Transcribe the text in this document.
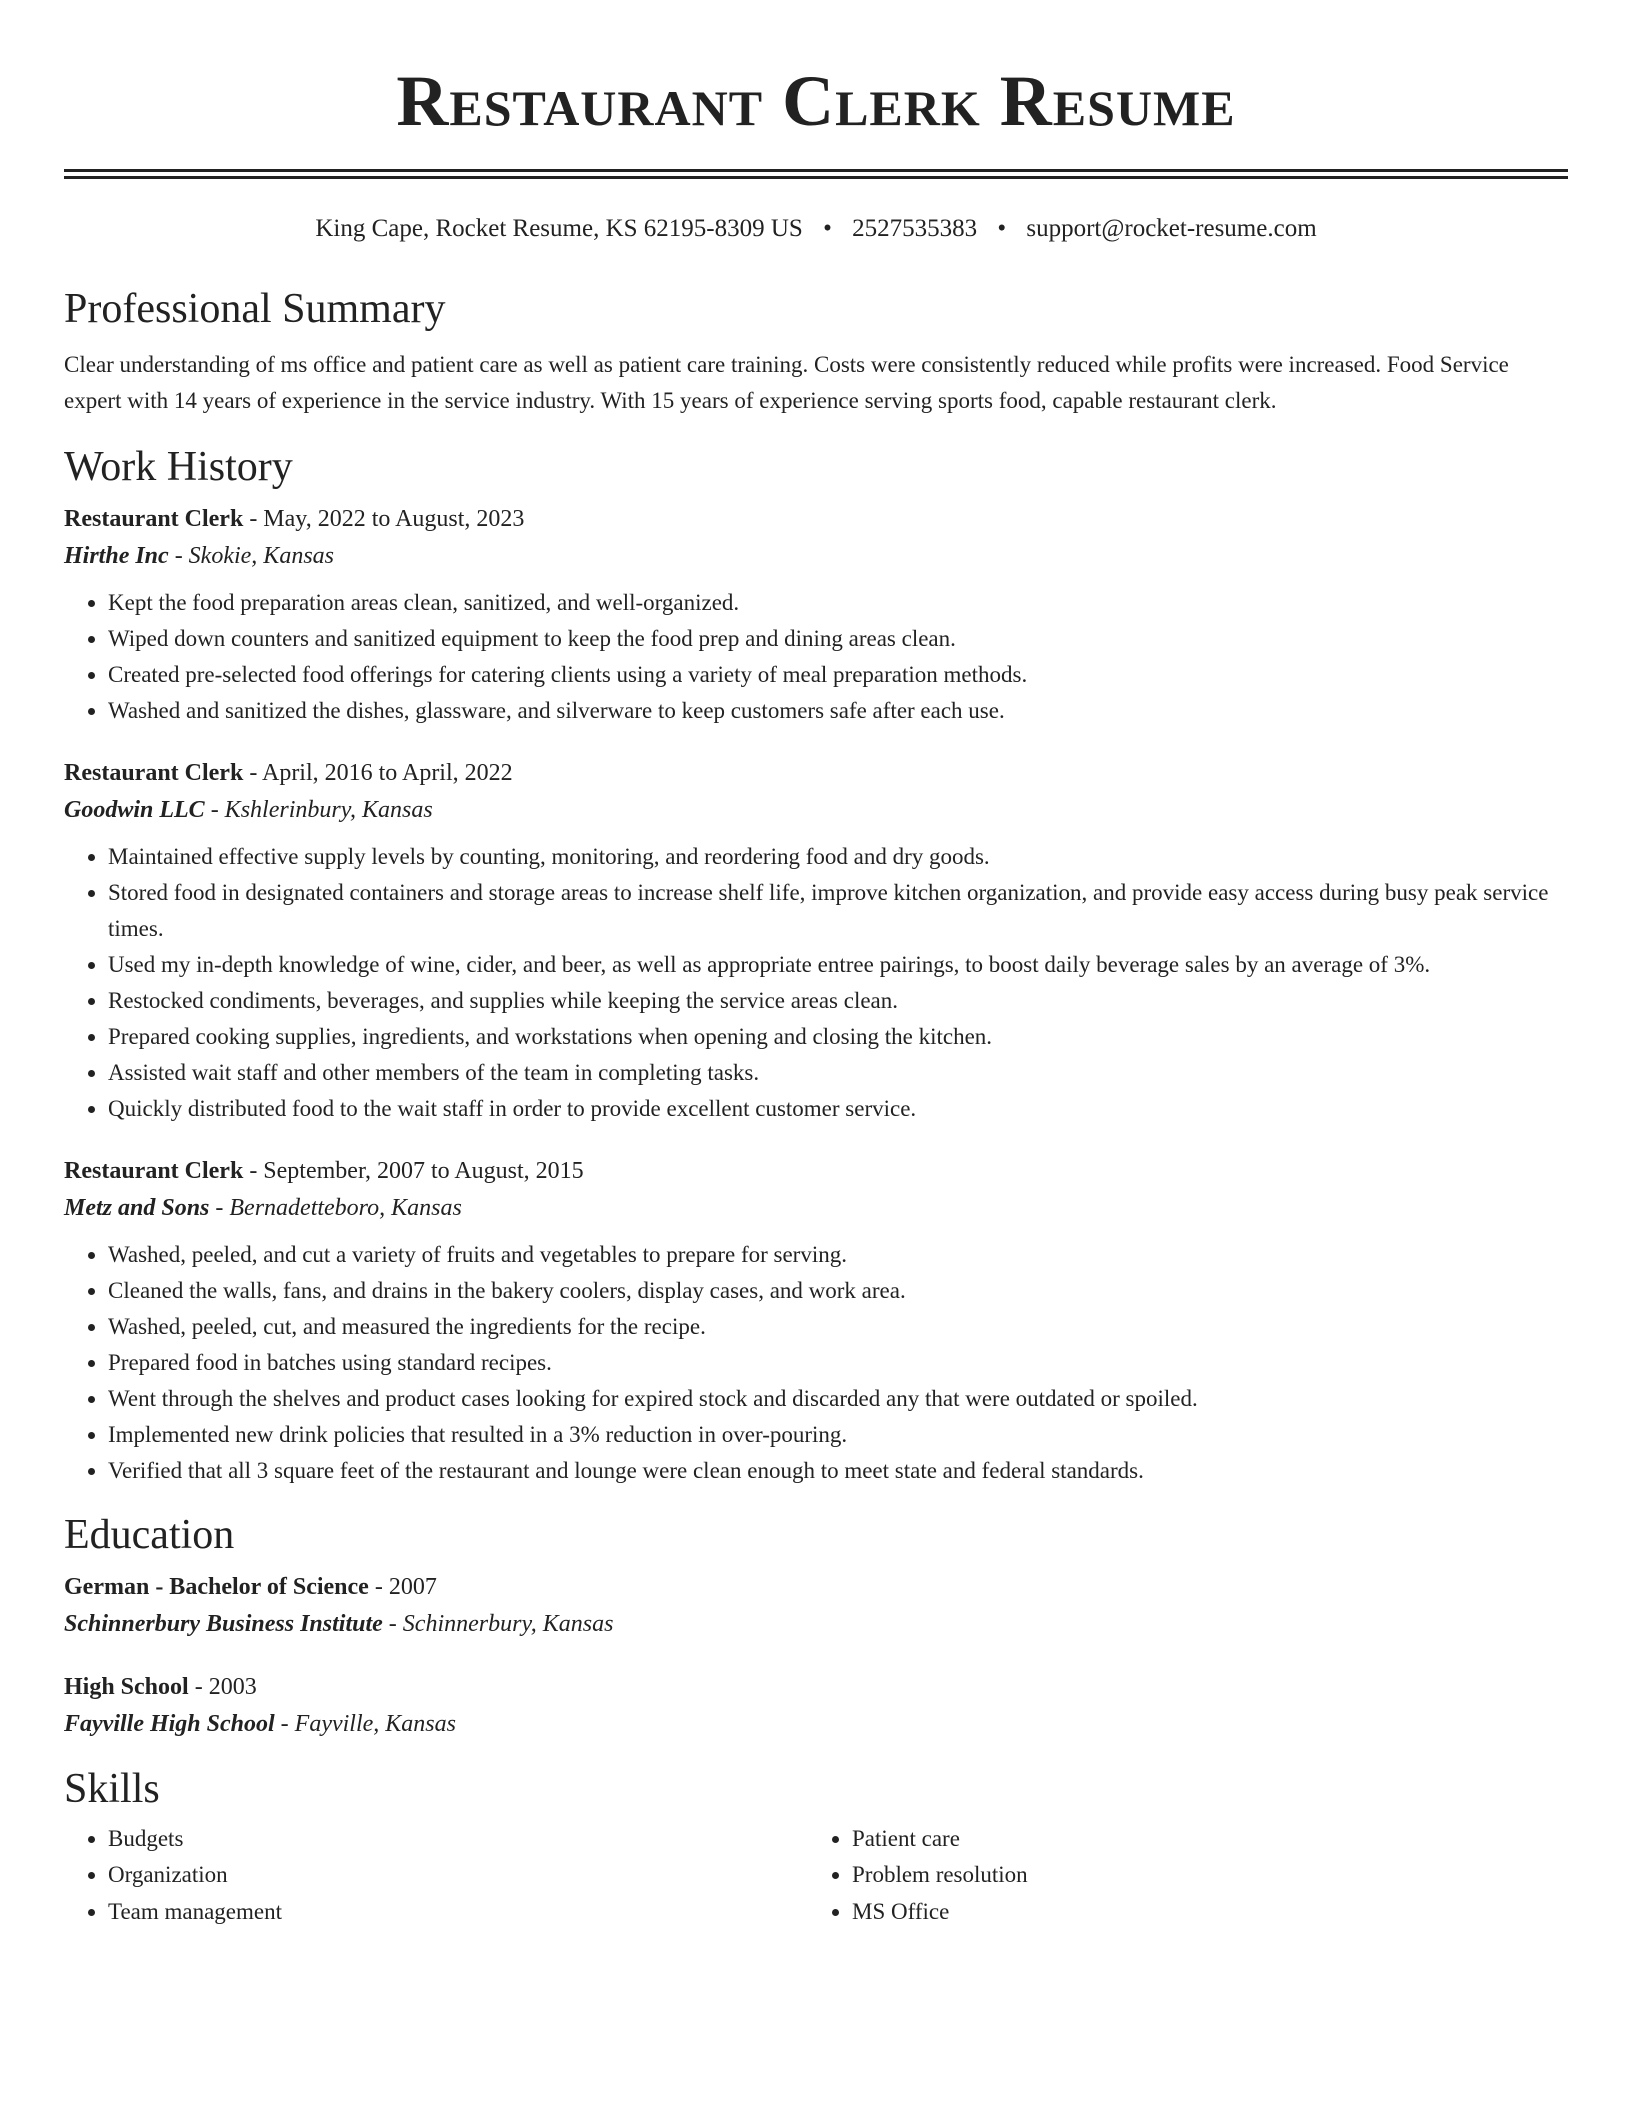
Restaurant Clerk Resume
King Cape, Rocket Resume, KS 62195-8309 US • 2527535383 • support@rocket-resume.com
Professional Summary

Clear understanding of ms office and patient care as well as patient care training. Costs were consistently reduced while profits were increased. Food Service expert with 14 years of experience in the service industry. With 15 years of experience serving sports food, capable restaurant clerk.

Work History
Restaurant Clerk - May, 2022 to August, 2023
Hirthe Inc - Skokie, Kansas
• Kept the food preparation areas clean, sanitized, and well-organized.
• Wiped down counters and sanitized equipment to keep the food prep and dining areas clean.
• Created pre-selected food offerings for catering clients using a variety of meal preparation methods.
• Washed and sanitized the dishes, glassware, and silverware to keep customers safe after each use.
Restaurant Clerk - April, 2016 to April, 2022
Goodwin LLC - Kshlerinbury, Kansas
• Maintained effective supply levels by counting, monitoring, and reordering food and dry goods.
• Stored food in designated containers and storage areas to increase shelf life, improve kitchen organization, and provide easy access during busy peak service times.
• Used my in-depth knowledge of wine, cider, and beer, as well as appropriate entree pairings, to boost daily beverage sales by an average of 3%.
• Restocked condiments, beverages, and supplies while keeping the service areas clean.
• Prepared cooking supplies, ingredients, and workstations when opening and closing the kitchen.
• Assisted wait staff and other members of the team in completing tasks.
• Quickly distributed food to the wait staff in order to provide excellent customer service.
Restaurant Clerk - September, 2007 to August, 2015
Metz and Sons - Bernadetteboro, Kansas
• Washed, peeled, and cut a variety of fruits and vegetables to prepare for serving.
• Cleaned the walls, fans, and drains in the bakery coolers, display cases, and work area.
• Washed, peeled, cut, and measured the ingredients for the recipe.
• Prepared food in batches using standard recipes.
• Went through the shelves and product cases looking for expired stock and discarded any that were outdated or spoiled.
• Implemented new drink policies that resulted in a 3% reduction in over-pouring.
• Verified that all 3 square feet of the restaurant and lounge were clean enough to meet state and federal standards.
Education
German - Bachelor of Science - 2007
Schinnerbury Business Institute - Schinnerbury, Kansas
High School - 2003
Fayville High School - Fayville, Kansas
Skills
• Budgets
• Organization
• Team management
• Patient care
• Problem resolution
• MS Office
